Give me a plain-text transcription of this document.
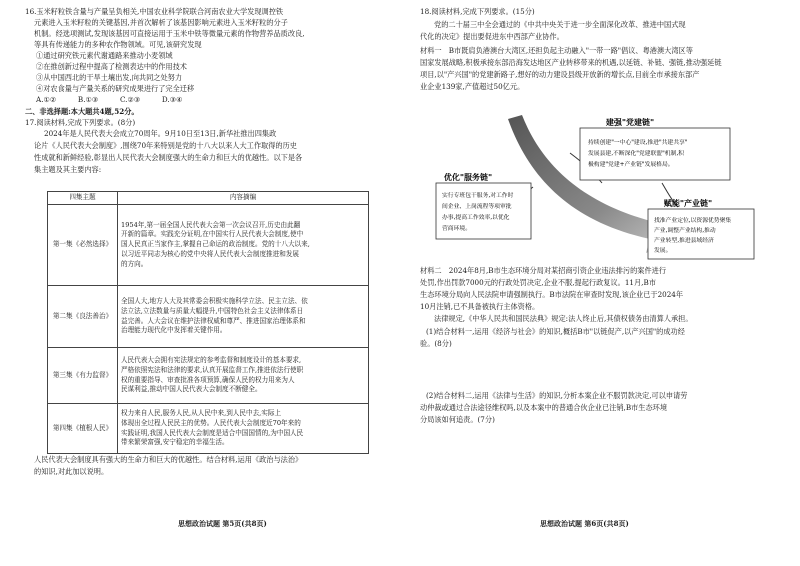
16.玉米籽粒铁含量与产量呈负相关,中国农业科学院联合河南农业大学发现调控铁
元素进入玉米籽粒的关键基因,并首次解析了该基因影响元素进入玉米籽粒的分子
机制。经选项测试,发现该基因可直接运用于玉米中铁等微量元素的作物营养品质改良,
等具有传递能力的多种农作物领域。可见,该研究发现
①通过研究铁元素代谢通路来推动小麦领域
②在推创新过程中提高了检测表达中的作用技术
③从中国西北的干旱土壤出发,向共同之处努力
④对农食量与产量关系的研究成果进行了完全迁移
A.①②　　　B.①③　　　C.②③　　　D.③④
二、非选择题:本大题共4题,52分。
17.阅读材料,完成下列要求。(8分)
2024年是人民代表大会成立70周年。9月10日至13日,新华社推出四集政
论片《人民代表大会制度》,围绕70年来特别是党的十八大以来人大工作取得的历史
性成就和新鲜经验,彰显出人民代表大会制度强大的生命力和巨大的优越性。以下是各
集主题及其主要内容:
四集主题	内容摘编
第一集《必然选择》	1954年,第一届全国人民代表大会第一次会议召开,历史由此翻
开新的篇章。实践充分证明,在中国实行人民代表大会制度,使中
国人民真正当家作主,掌握自己命运的政治制度。党的十八大以来,
以习近平同志为核心的党中央将人民代表大会制度推进和发展
的方向。

第二集《良法善治》	全国人大,地方人大及其常委会积极实施科学立法、民主立法、依
法立法,立法数量与质量大幅提升,中国特色社会主义法律体系日
益完善。人大会议在维护法律权威和尊严、推进国家治理体系和
治理能力现代化中发挥着关键作用。

第三集《有力监督》	人民代表大会拥有宪法规定的参考监督和制度设计的基本要求,
严格依照宪法和法律的要求,认真开展监督工作,推进依法行使职
权的重要指导、审查批准各项预算,确保人民的权力用来为人
民谋利益,推动中国人民代表大会制度不断健全。

第四集《植根人民》	权力来自人民,服务人民,从人民中来,到人民中去,实际上
体现出全过程人民民主的优势。人民代表大会制度近70年来的
实践证明,我国人民代表大会制度是适合中国国情的,为中国人民
带来繁荣富强,安宁稳定的幸福生活。
人民代表大会制度具有强大的生命力和巨大的优越性。结合材料,运用《政治与法治》
的知识,对此加以说明。
思想政治试题 第5页(共8页)
18.阅读材料,完成下列要求。(15分)
党的二十届三中全会通过的《中共中央关于进一步全面深化改革、推进中国式现
代化的决定》提出要促进东中西部产业协作。
材料一　B市既肩负港澳台大湾区,还担负起主动融入"一带一路"倡议、粤港澳大湾区等
国家发展战略,积极承接东部沿海发达地区产业转移带来的机遇,以延链、补链、强链,推动强延链
项目,以"产兴国"的党建新路子,想好的动力建设县级开放新的增长点,目前全市承接东部产
业企业139家,产值超过50亿元。
材料二　2024年8月,B市生态环境分局对某招商引资企业违法排污的案件进行
处罚,作出罚款7000元的行政处罚决定,企业不服,提起行政复议。11月,B市
生态环境分局向人民法院申请强制执行。B市法院在审查时发现,该企业已于2024年
10月注销,已不具备被执行主体资格。
法律规定,《中华人民共和国民法典》规定:法人终止后,其债权债务由清算人承担。
(1)结合材料一,运用《经济与社会》的知识,概括B市"以链促产,以产兴国"的成功经
验。(8分)
(2)结合材料二,运用《法律与生活》的知识,分析本案企业不服罚款决定,可以申请劳
动仲裁或通过合法途径维权吗,以及本案中的普通合伙企业已注销,B市生态环境
分局该如何追责。(7分)
思想政治试题 第6页(共8页)
建强"党建链"
持续创建"一中心"建设,推进"共建共享"
发展县建,不断深化"党建联盟"机制,积
极构建"党建+产业链"发展格局。
优化"服务链"
实行专班包干服务,对工作时
间企业、上岗流程等项审批
办事,提高工作效率,以优化
营商环境。
赋能"产业链"
找准产业定位,以资源优势聚集
产业,调整产业结构,推动
产业转型,推进县域经济
发展。
